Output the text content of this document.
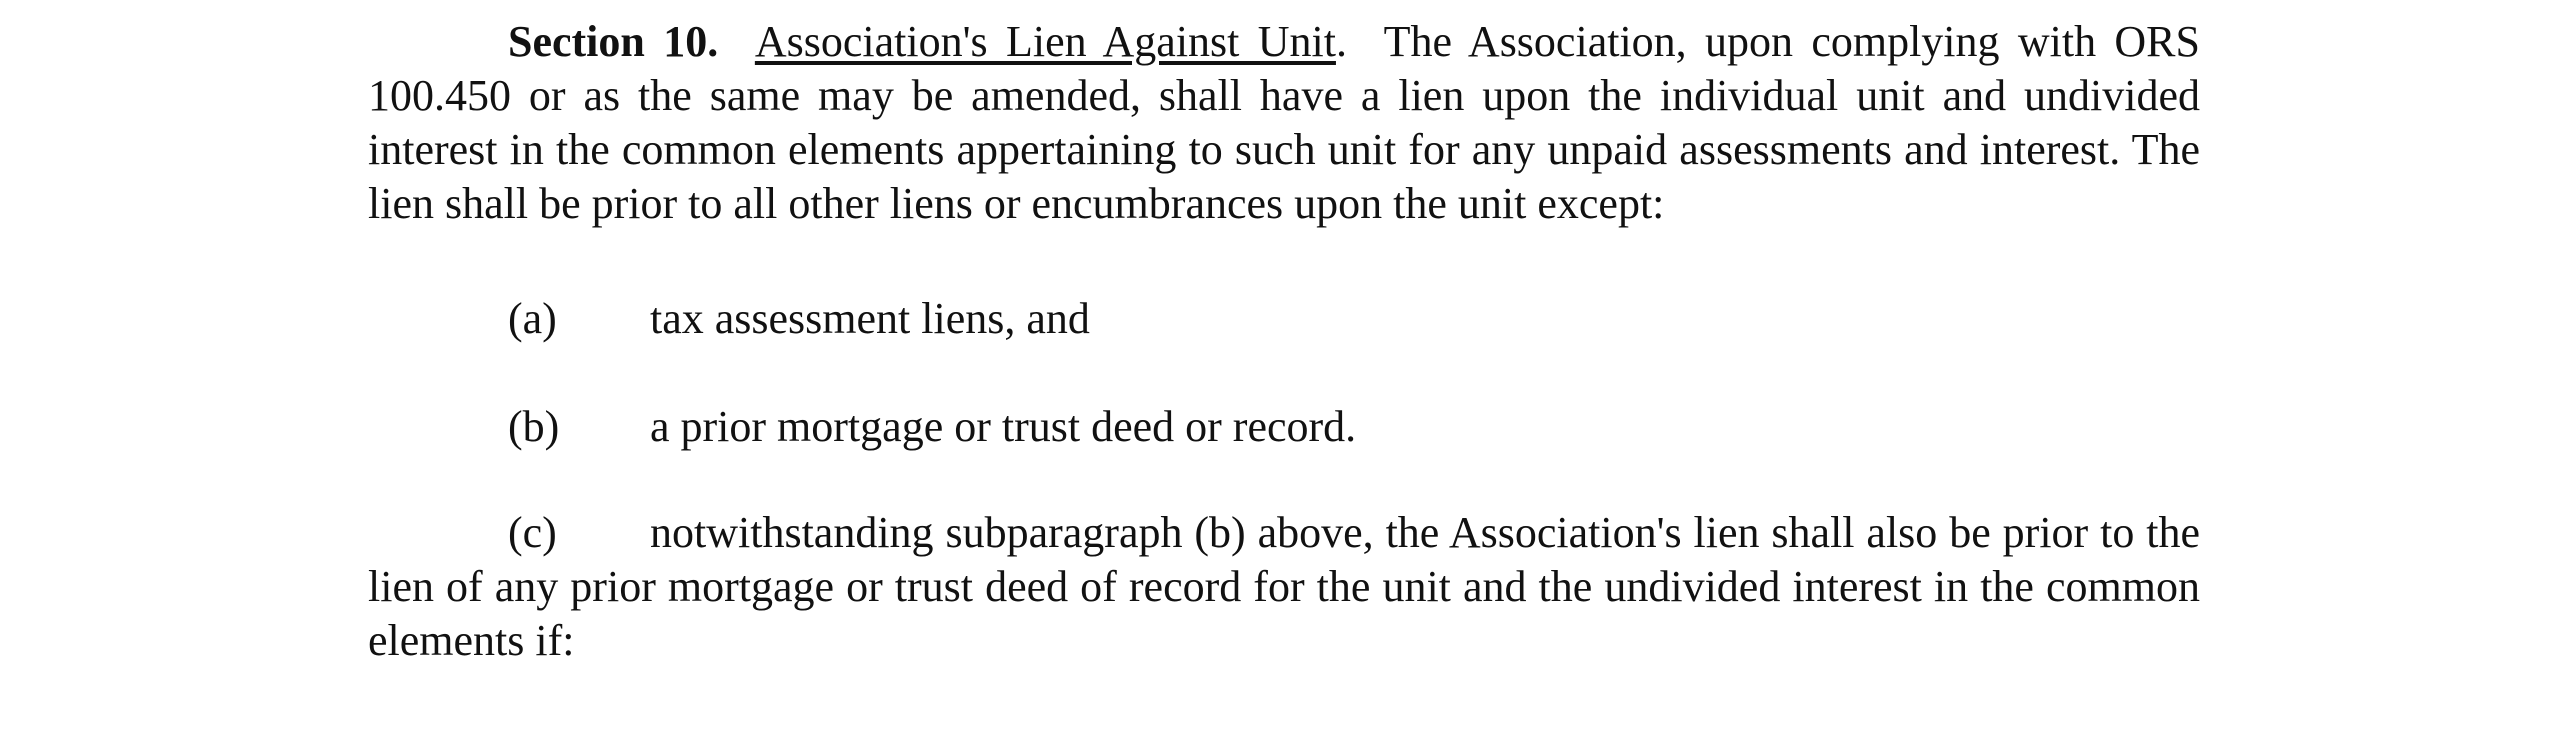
Section 10. Association's Lien Against Unit. The Association, upon complying with ORS 100.450 or as the same may be amended, shall have a lien upon the individual unit and undivided interest in the common elements appertaining to such unit for any unpaid assessments and interest. The lien shall be prior to all other liens or encumbrances upon the unit except:

(a) tax assessment liens, and
(b) a prior mortgage or trust deed or record.

(c) notwithstanding subparagraph (b) above, the Association's lien shall also be prior to the lien of any prior mortgage or trust deed of record for the unit and the undivided interest in the common elements if:
